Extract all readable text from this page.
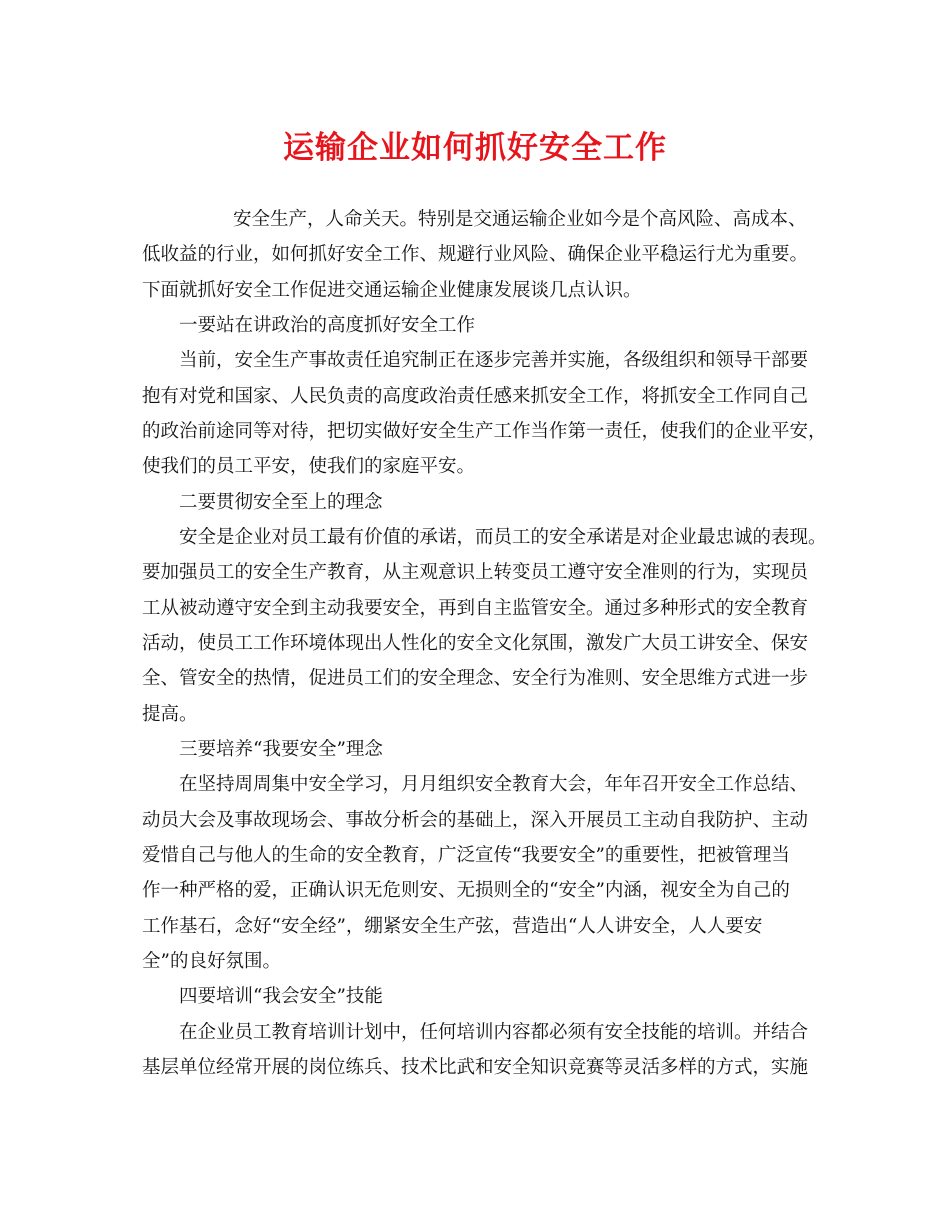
运输企业如何抓好安全工作
安全生产，人命关天。特别是交通运输企业如今是个高风险、高成本、
低收益的行业，如何抓好安全工作、规避行业风险、确保企业平稳运行尤为重要。
下面就抓好安全工作促进交通运输企业健康发展谈几点认识。
一要站在讲政治的高度抓好安全工作
当前，安全生产事故责任追究制正在逐步完善并实施，各级组织和领导干部要
抱有对党和国家、人民负责的高度政治责任感来抓安全工作，将抓安全工作同自己
的政治前途同等对待，把切实做好安全生产工作当作第一责任，使我们的企业平安，
使我们的员工平安，使我们的家庭平安。
二要贯彻安全至上的理念
安全是企业对员工最有价值的承诺，而员工的安全承诺是对企业最忠诚的表现。
要加强员工的安全生产教育，从主观意识上转变员工遵守安全准则的行为，实现员
工从被动遵守安全到主动我要安全，再到自主监管安全。通过多种形式的安全教育
活动，使员工工作环境体现出人性化的安全文化氛围，激发广大员工讲安全、保安
全、管安全的热情，促进员工们的安全理念、安全行为准则、安全思维方式进一步
提高。
三要培养“我要安全”理念
在坚持周周集中安全学习，月月组织安全教育大会，年年召开安全工作总结、
动员大会及事故现场会、事故分析会的基础上，深入开展员工主动自我防护、主动
爱惜自己与他人的生命的安全教育，广泛宣传“我要安全”的重要性，把被管理当
作一种严格的爱，正确认识无危则安、无损则全的“安全”内涵，视安全为自己的
工作基石，念好“安全经”，绷紧安全生产弦，营造出“人人讲安全，人人要安
全”的良好氛围。
四要培训“我会安全”技能
在企业员工教育培训计划中，任何培训内容都必须有安全技能的培训。并结合
基层单位经常开展的岗位练兵、技术比武和安全知识竞赛等灵活多样的方式，实施
